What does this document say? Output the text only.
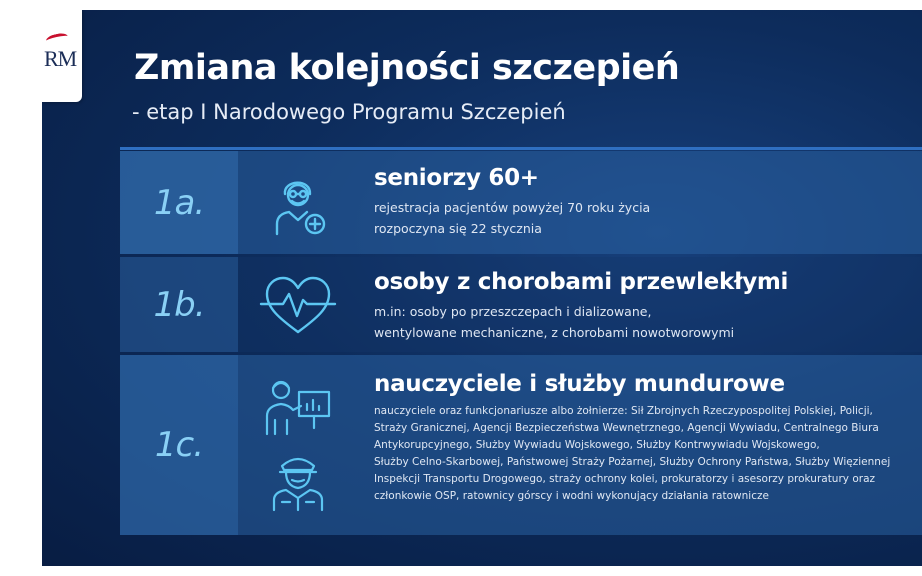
RM Zmiana kolejności szczepień
- etap I Narodowego Programu Szczepień
1a.
seniorzy 60+

rejestracja pacjentów powyżej 70 roku życia

rozpoczyna się 22 stycznia

1b.
osoby z chorobami przewlekłymi

m.in: osoby po przeszczepach i dializowane,

wentylowane mechaniczne, z chorobami nowotworowymi

1c.
nauczyciele i służby mundurowe

nauczyciele oraz funkcjonariusze albo żołnierze: Sił Zbrojnych Rzeczypospolitej Polskiej, Policji,

Straży Granicznej, Agencji Bezpieczeństwa Wewnętrznego, Agencji Wywiadu, Centralnego Biura

Antykorupcyjnego, Służby Wywiadu Wojskowego, Służby Kontrwywiadu Wojskowego,

Służby Celno-Skarbowej, Państwowej Straży Pożarnej, Służby Ochrony Państwa, Służby Więziennej

Inspekcji Transportu Drogowego, straży ochrony kolei, prokuratorzy i asesorzy prokuratury oraz

członkowie OSP, ratownicy górscy i wodni wykonujący działania ratownicze
